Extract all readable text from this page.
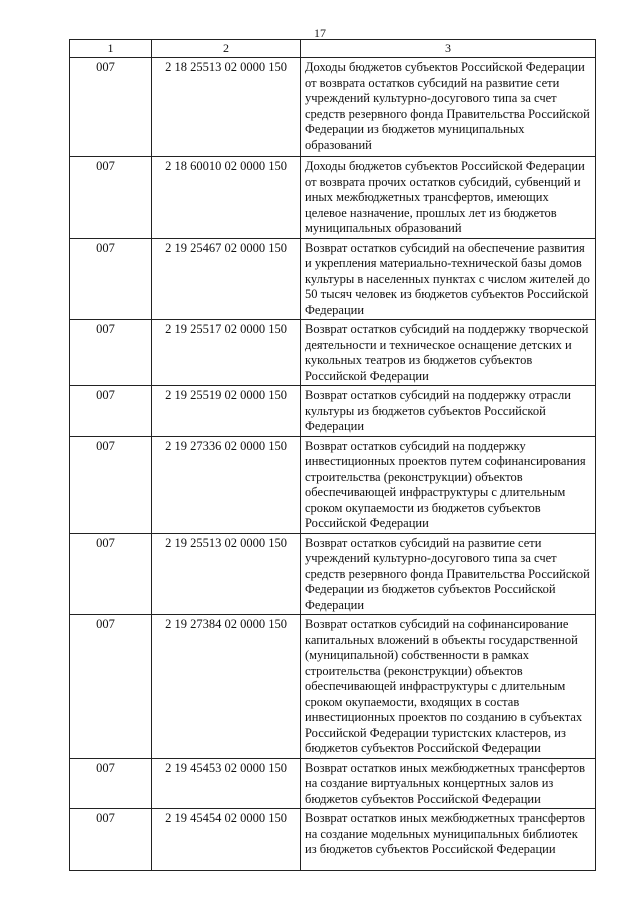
17
1	2	3
007	2 18 25513 02 0000 150	Доходы бюджетов субъектов Российской Федерации от возврата остатков субсидий на развитие сети учреждений культурно-досугового типа за счет средств резервного фонда Правительства Российской Федерации из бюджетов муниципальных образований
007	2 18 60010 02 0000 150	Доходы бюджетов субъектов Российской Федерации от возврата прочих остатков субсидий, субвенций и иных межбюджетных трансфертов, имеющих целевое назначение, прошлых лет из бюджетов муниципальных образований
007	2 19 25467 02 0000 150	Возврат остатков субсидий на обеспечение развития и укрепления материально-технической базы домов культуры в населенных пунктах с числом жителей до 50 тысяч человек из бюджетов субъектов Российской Федерации
007	2 19 25517 02 0000 150	Возврат остатков субсидий на поддержку творческой деятельности и техническое оснащение детских и кукольных театров из бюджетов субъектов Российской Федерации
007	2 19 25519 02 0000 150	Возврат остатков субсидий на поддержку отрасли культуры из бюджетов субъектов Российской Федерации
007	2 19 27336 02 0000 150	Возврат остатков субсидий на поддержку инвестиционных проектов путем софинансирования строительства (реконструкции) объектов обеспечивающей инфраструктуры с длительным сроком окупаемости из бюджетов субъектов Российской Федерации
007	2 19 25513 02 0000 150	Возврат остатков субсидий на развитие сети учреждений культурно-досугового типа за счет средств резервного фонда Правительства Российской Федерации из бюджетов субъектов Российской Федерации
007	2 19 27384 02 0000 150	Возврат остатков субсидий на софинансирование капитальных вложений в объекты государственной (муниципальной) собственности в рамках строительства (реконструкции) объектов обеспечивающей инфраструктуры с длительным сроком окупаемости, входящих в состав инвестиционных проектов по созданию в субъектах Российской Федерации туристских кластеров, из бюджетов субъектов Российской Федерации
007	2 19 45453 02 0000 150	Возврат остатков иных межбюджетных трансфертов на создание виртуальных концертных залов из бюджетов субъектов Российской Федерации
007	2 19 45454 02 0000 150	Возврат остатков иных межбюджетных трансфертов на создание модельных муниципальных библиотек из бюджетов субъектов Российской Федерации
